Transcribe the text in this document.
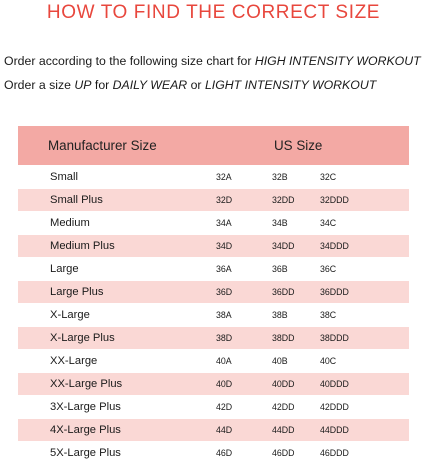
HOW TO FIND THE CORRECT SIZE
Order according to the following size chart for HIGH INTENSITY WORKOUT
Order a size UP for DAILY WEAR or LIGHT INTENSITY WORKOUT
Manufacturer Size	US Size		
Small	32A	32B	32C
Small Plus	32D	32DD	32DDD
Medium	34A	34B	34C
Medium Plus	34D	34DD	34DDD
Large	36A	36B	36C
Large Plus	36D	36DD	36DDD
X-Large	38A	38B	38C
X-Large Plus	38D	38DD	38DDD
XX-Large	40A	40B	40C
XX-Large Plus	40D	40DD	40DDD
3X-Large Plus	42D	42DD	42DDD
4X-Large Plus	44D	44DD	44DDD
5X-Large Plus	46D	46DD	46DDD
